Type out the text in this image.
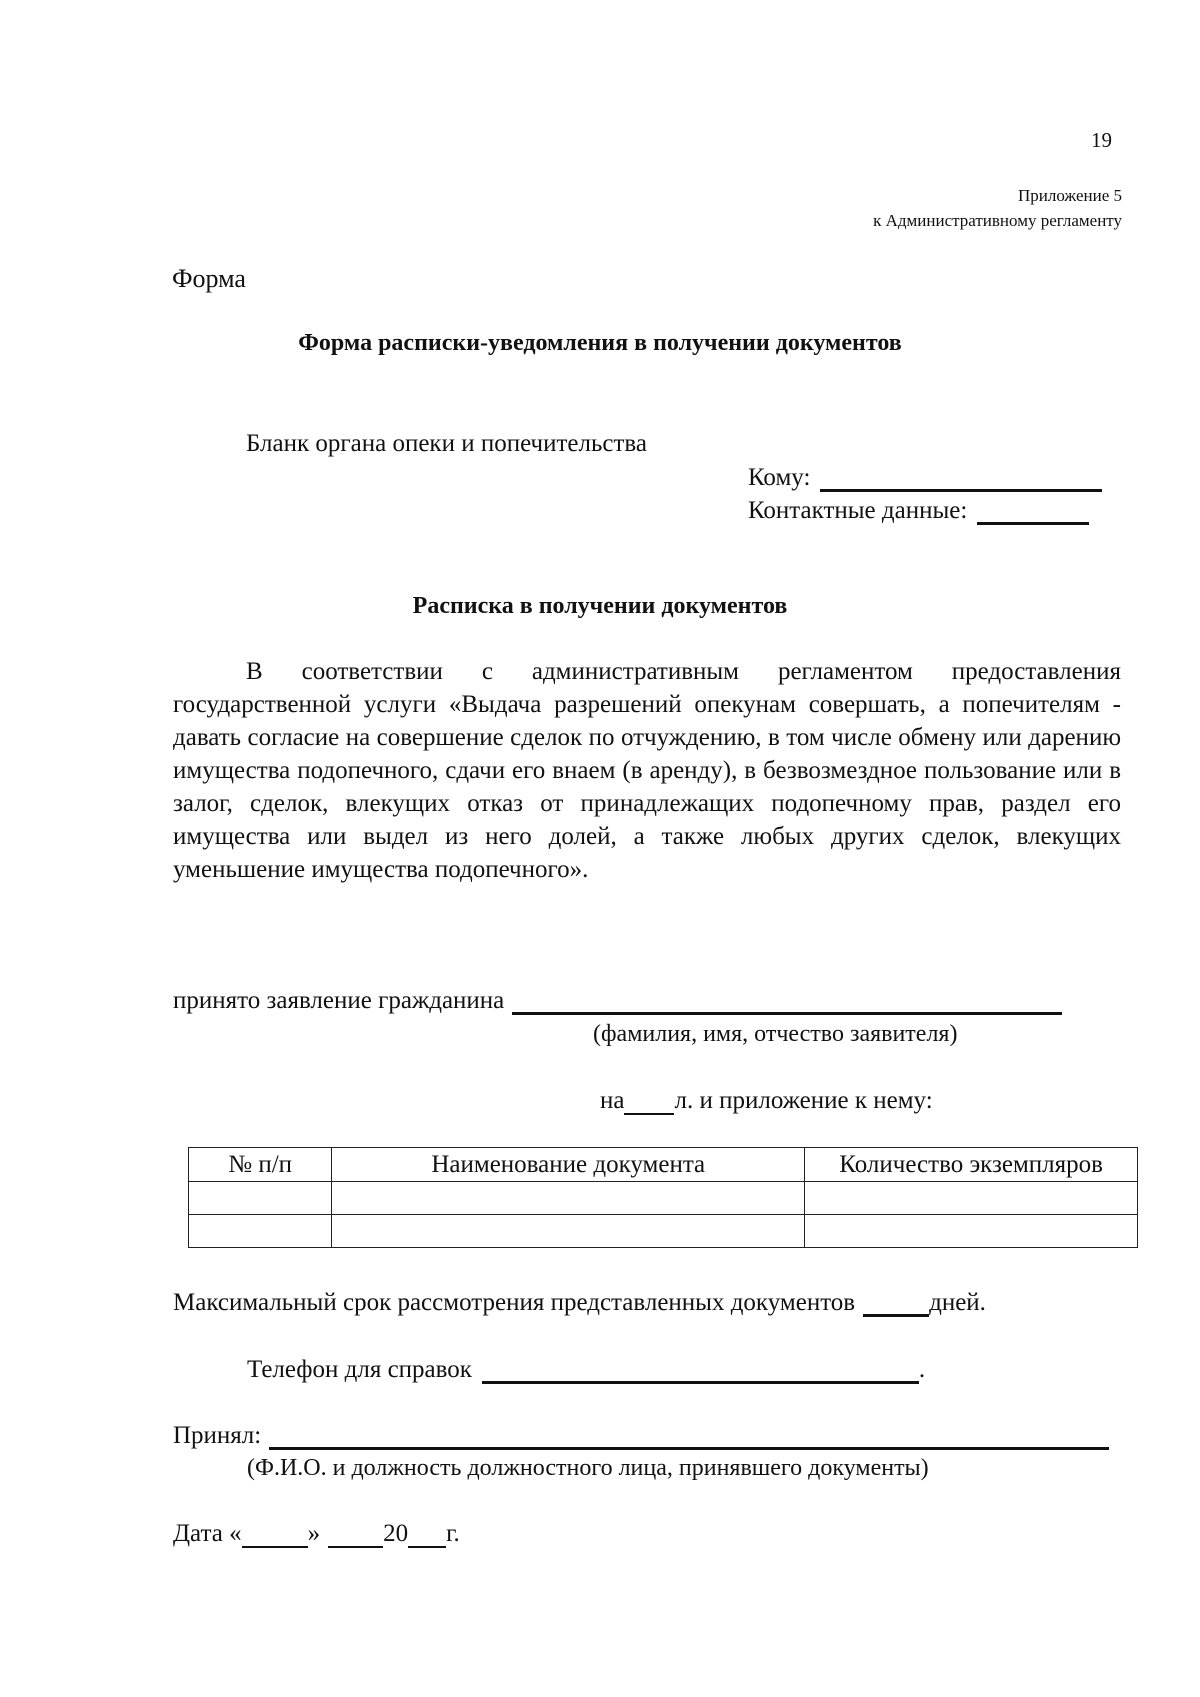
19
Приложение 5
к Административному регламенту
Форма
Форма расписки-уведомления в получении документов
Бланк органа опеки и попечительства
Кому:
Контактные данные:
Расписка в получении документов

В соответствии с административным регламентом предоставления государственной услуги «Выдача разрешений опекунам совершать, а попечителям - давать согласие на совершение сделок по отчуждению, в том числе обмену или дарению имущества подопечного, сдачи его внаем (в аренду), в безвозмездное пользование или в залог, сделок, влекущих отказ от принадлежащих подопечному прав, раздел его имущества или выдел из него долей, а также любых других сделок, влекущих уменьшение имущества подопечного».

принято заявление гражданина
(фамилия, имя, отчество заявителя)
на л. и приложение к нему:
№ п/п	Наименование документа	Количество экземпляров

Максимальный срок рассмотрения представленных документов	дней.
Телефон для справок	.
Принял:
(Ф.И.О. и должность должностного лица, принявшего документы)
Дата «	»	20 г.
